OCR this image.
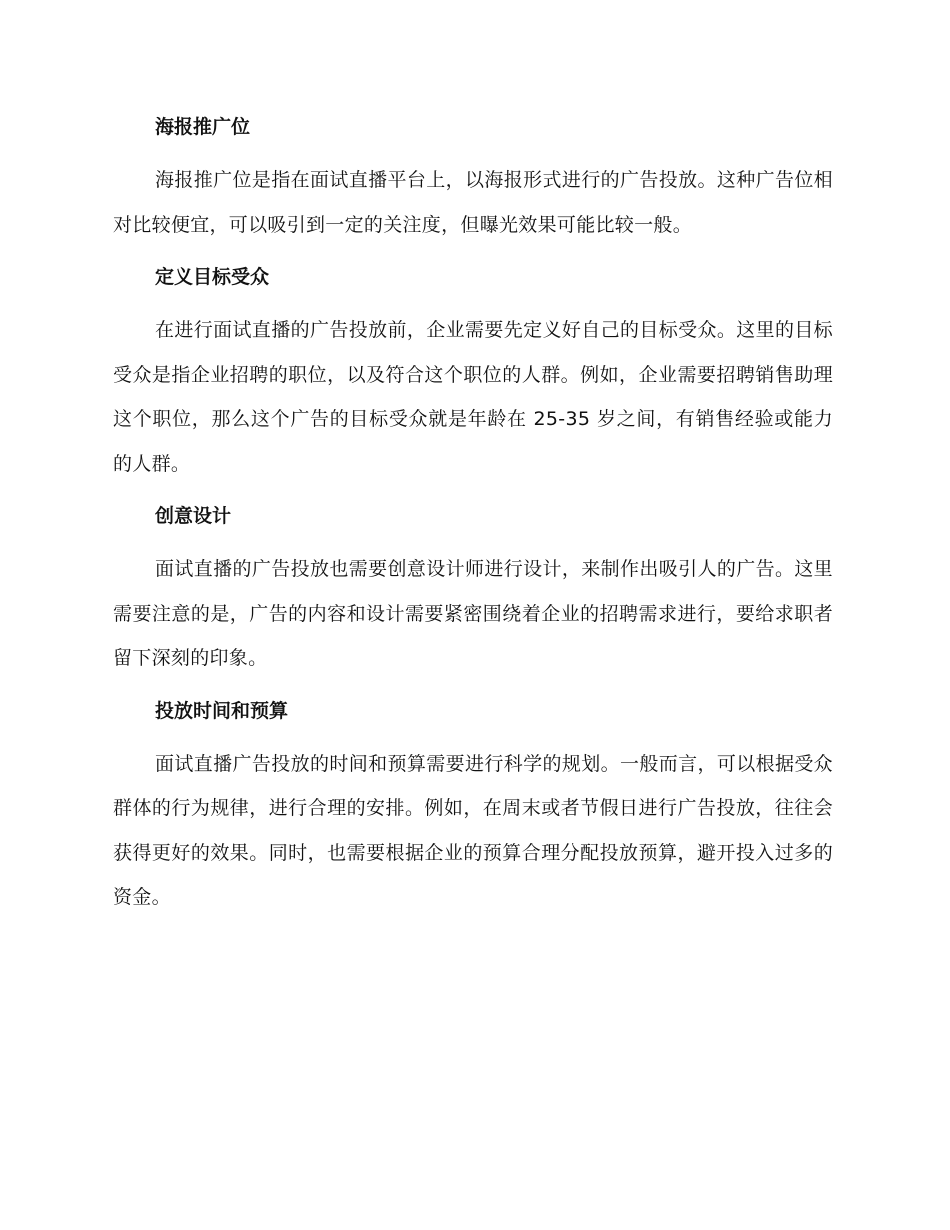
海报推广位

海报推广位是指在面试直播平台上，以海报形式进行的广告投放。这种广告位相对比较便宜，可以吸引到一定的关注度，但曝光效果可能比较一般。

定义目标受众

在进行面试直播的广告投放前，企业需要先定义好自己的目标受众。这里的目标受众是指企业招聘的职位，以及符合这个职位的人群。例如，企业需要招聘销售助理这个职位，那么这个广告的目标受众就是年龄在 25-35 岁之间，有销售经验或能力的人群。

创意设计

面试直播的广告投放也需要创意设计师进行设计，来制作出吸引人的广告。这里需要注意的是，广告的内容和设计需要紧密围绕着企业的招聘需求进行，要给求职者留下深刻的印象。

投放时间和预算

面试直播广告投放的时间和预算需要进行科学的规划。一般而言，可以根据受众群体的行为规律，进行合理的安排。例如，在周末或者节假日进行广告投放，往往会获得更好的效果。同时，也需要根据企业的预算合理分配投放预算，避开投入过多的资金。
